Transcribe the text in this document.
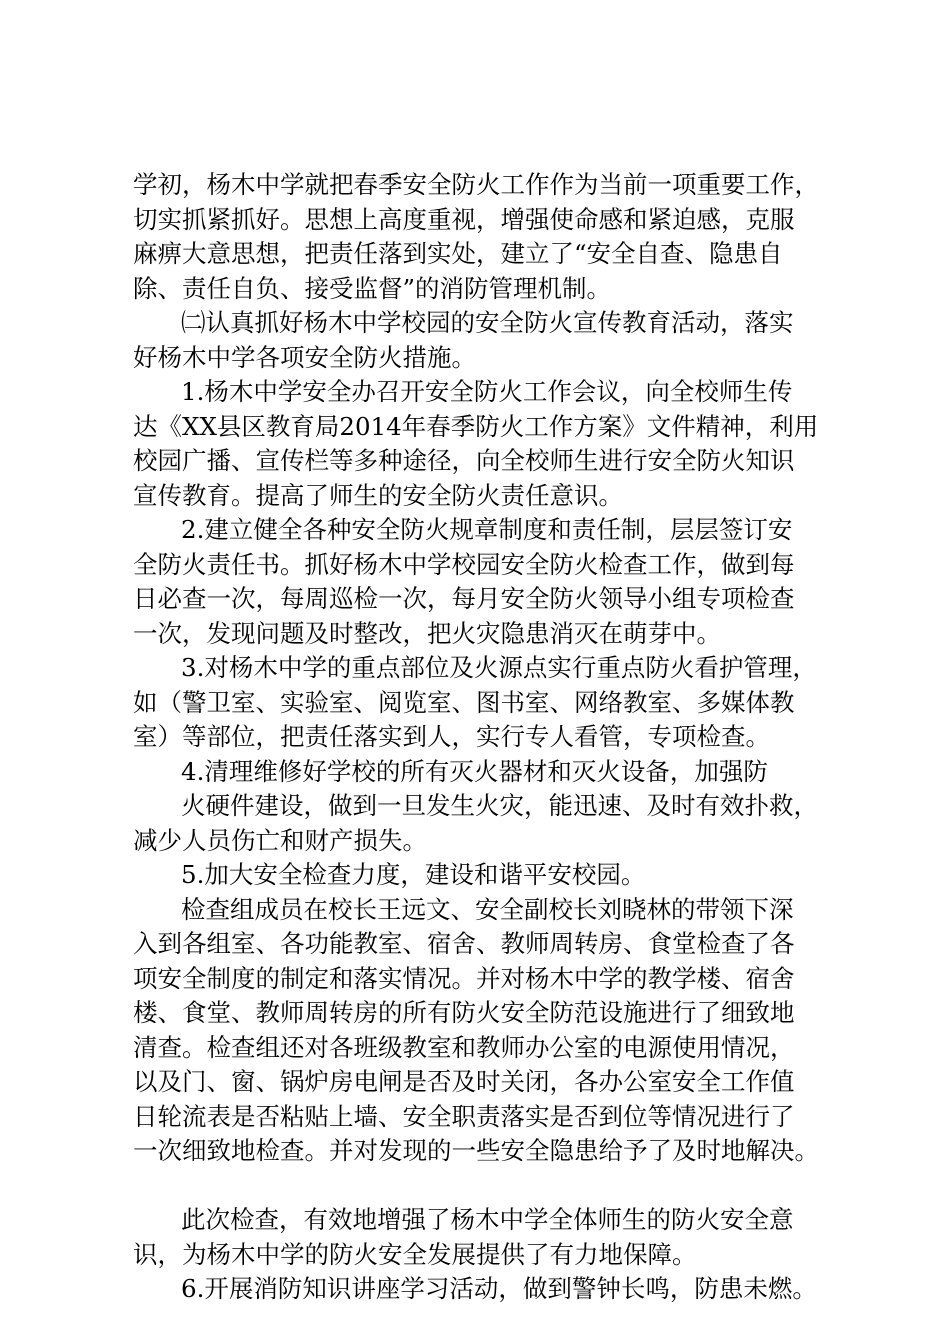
学初，杨木中学就把春季安全防火工作作为当前一项重要工作，
切实抓紧抓好。思想上高度重视，增强使命感和紧迫感，克服
麻痹大意思想，把责任落到实处，建立了“安全自查、隐患自
除、责任自负、接受监督”的消防管理机制。
㈡认真抓好杨木中学校园的安全防火宣传教育活动，落实
好杨木中学各项安全防火措施。
1.杨木中学安全办召开安全防火工作会议，向全校师生传
达《XX县区教育局2014年春季防火工作方案》文件精神，利用
校园广播、宣传栏等多种途径，向全校师生进行安全防火知识
宣传教育。提高了师生的安全防火责任意识。
2.建立健全各种安全防火规章制度和责任制，层层签订安
全防火责任书。抓好杨木中学校园安全防火检查工作，做到每
日必查一次，每周巡检一次，每月安全防火领导小组专项检查
一次，发现问题及时整改，把火灾隐患消灭在萌芽中。
3.对杨木中学的重点部位及火源点实行重点防火看护管理，
如（警卫室、实验室、阅览室、图书室、网络教室、多媒体教
室）等部位，把责任落实到人，实行专人看管，专项检查。
4.清理维修好学校的所有灭火器材和灭火设备，加强防
火硬件建设，做到一旦发生火灾，能迅速、及时有效扑救，
减少人员伤亡和财产损失。
5.加大安全检查力度，建设和谐平安校园。
检查组成员在校长王远文、安全副校长刘晓林的带领下深
入到各组室、各功能教室、宿舍、教师周转房、食堂检查了各
项安全制度的制定和落实情况。并对杨木中学的教学楼、宿舍
楼、食堂、教师周转房的所有防火安全防范设施进行了细致地
清查。检查组还对各班级教室和教师办公室的电源使用情况，
以及门、窗、锅炉房电闸是否及时关闭，各办公室安全工作值
日轮流表是否粘贴上墙、安全职责落实是否到位等情况进行了
一次细致地检查。并对发现的一些安全隐患给予了及时地解决。
此次检查，有效地增强了杨木中学全体师生的防火安全意
识，为杨木中学的防火安全发展提供了有力地保障。
6.开展消防知识讲座学习活动，做到警钟长鸣，防患未燃。
